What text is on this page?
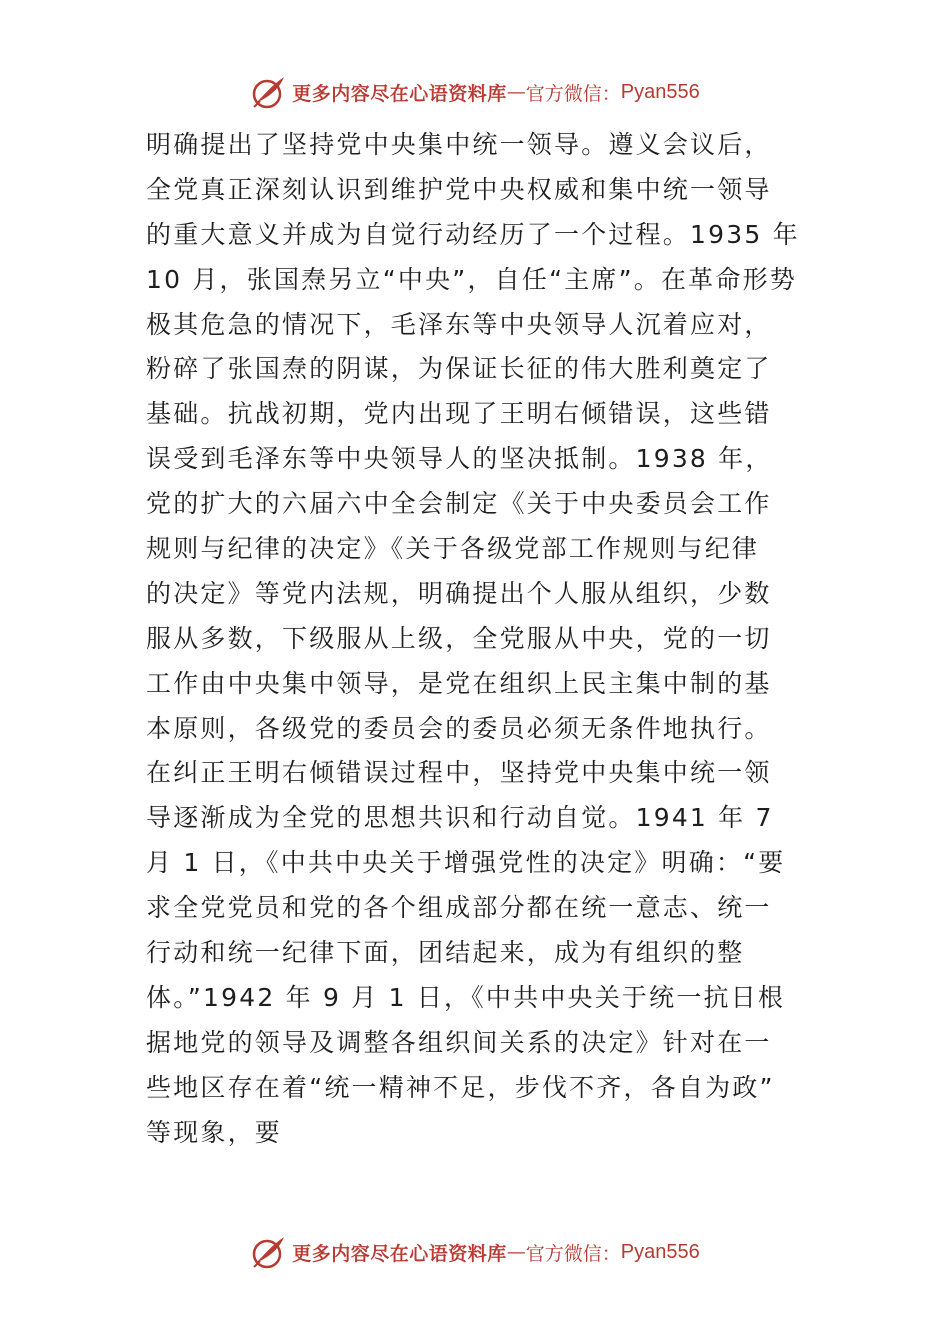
更多内容尽在心语资料库 — 官方微信： Pyan556
明确提出了坚持党中央集中统一领导。遵义会议后，
全党真正深刻认识到维护党中央权威和集中统一领导
的重大意义并成为自觉行动经历了一个过程。1935 年
10 月，张国焘另立“中央”，自任“主席”。在革命形势
极其危急的情况下，毛泽东等中央领导人沉着应对，
粉碎了张国焘的阴谋，为保证长征的伟大胜利奠定了
基础。抗战初期，党内出现了王明右倾错误，这些错
误受到毛泽东等中央领导人的坚决抵制。1938 年，
党的扩大的六届六中全会制定《关于中央委员会工作
规则与纪律的决定》《关于各级党部工作规则与纪律
的决定》等党内法规，明确提出个人服从组织，少数
服从多数，下级服从上级，全党服从中央，党的一切
工作由中央集中领导，是党在组织上民主集中制的基
本原则，各级党的委员会的委员必须无条件地执行。
在纠正王明右倾错误过程中，坚持党中央集中统一领
导逐渐成为全党的思想共识和行动自觉。1941 年 7
月 1 日，《中共中央关于增强党性的决定》明确：“要
求全党党员和党的各个组成部分都在统一意志、统一
行动和统一纪律下面，团结起来，成为有组织的整
体。”1942 年 9 月 1 日，《中共中央关于统一抗日根
据地党的领导及调整各组织间关系的决定》针对在一
些地区存在着“统一精神不足，步伐不齐，各自为政”
等现象，要
更多内容尽在心语资料库 — 官方微信： Pyan556
